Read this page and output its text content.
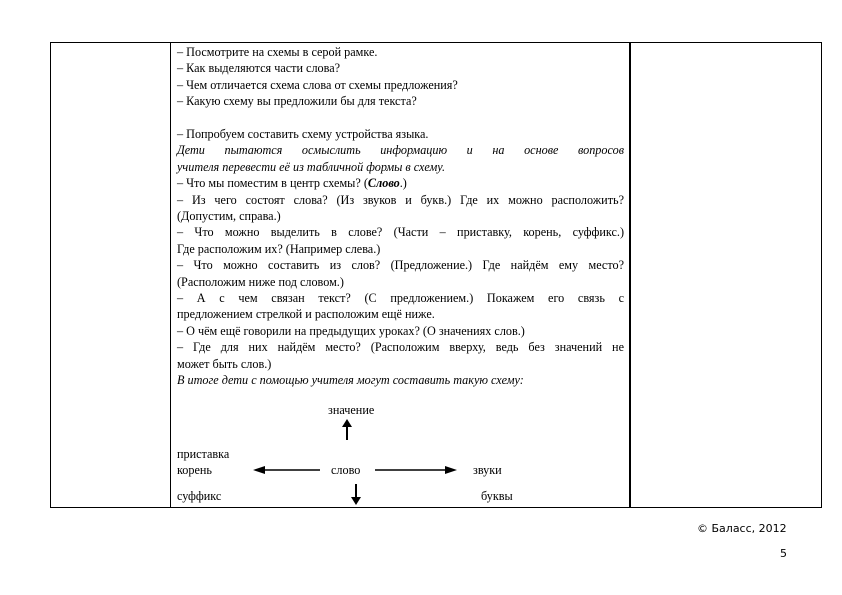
– Посмотрите на схемы в серой рамке.

– Как выделяются части слова?

– Чем отличается схема слова от схемы предложения?

– Какую схему вы предложили бы для текста?

– Попробуем составить схему устройства языка.

Дети пытаются осмыслить информацию и на основе вопросов

учителя перевести её из табличной формы в схему.

– Что мы поместим в центр схемы? (Слово.)

– Из чего состоят слова? (Из звуков и букв.) Где их можно расположить?

(Допустим, справа.)

– Что можно выделить в слове? (Части – приставку, корень, суффикс.)

Где расположим их? (Например слева.)

– Что можно составить из слов? (Предложение.) Где найдём ему место?

(Расположим ниже под словом.)

– А с чем связан текст? (С предложением.) Покажем его связь с

предложением стрелкой и расположим ещё ниже.

– О чём ещё говорили на предыдущих уроках? (О значениях слов.)

– Где для них найдём место? (Расположим вверху, ведь без значений не

может быть слов.)

В итоге дети с помощью учителя могут составить такую схему:

значение
приставка
корень	слово	звуки
суффикс	буквы
© Баласс, 2012
5
